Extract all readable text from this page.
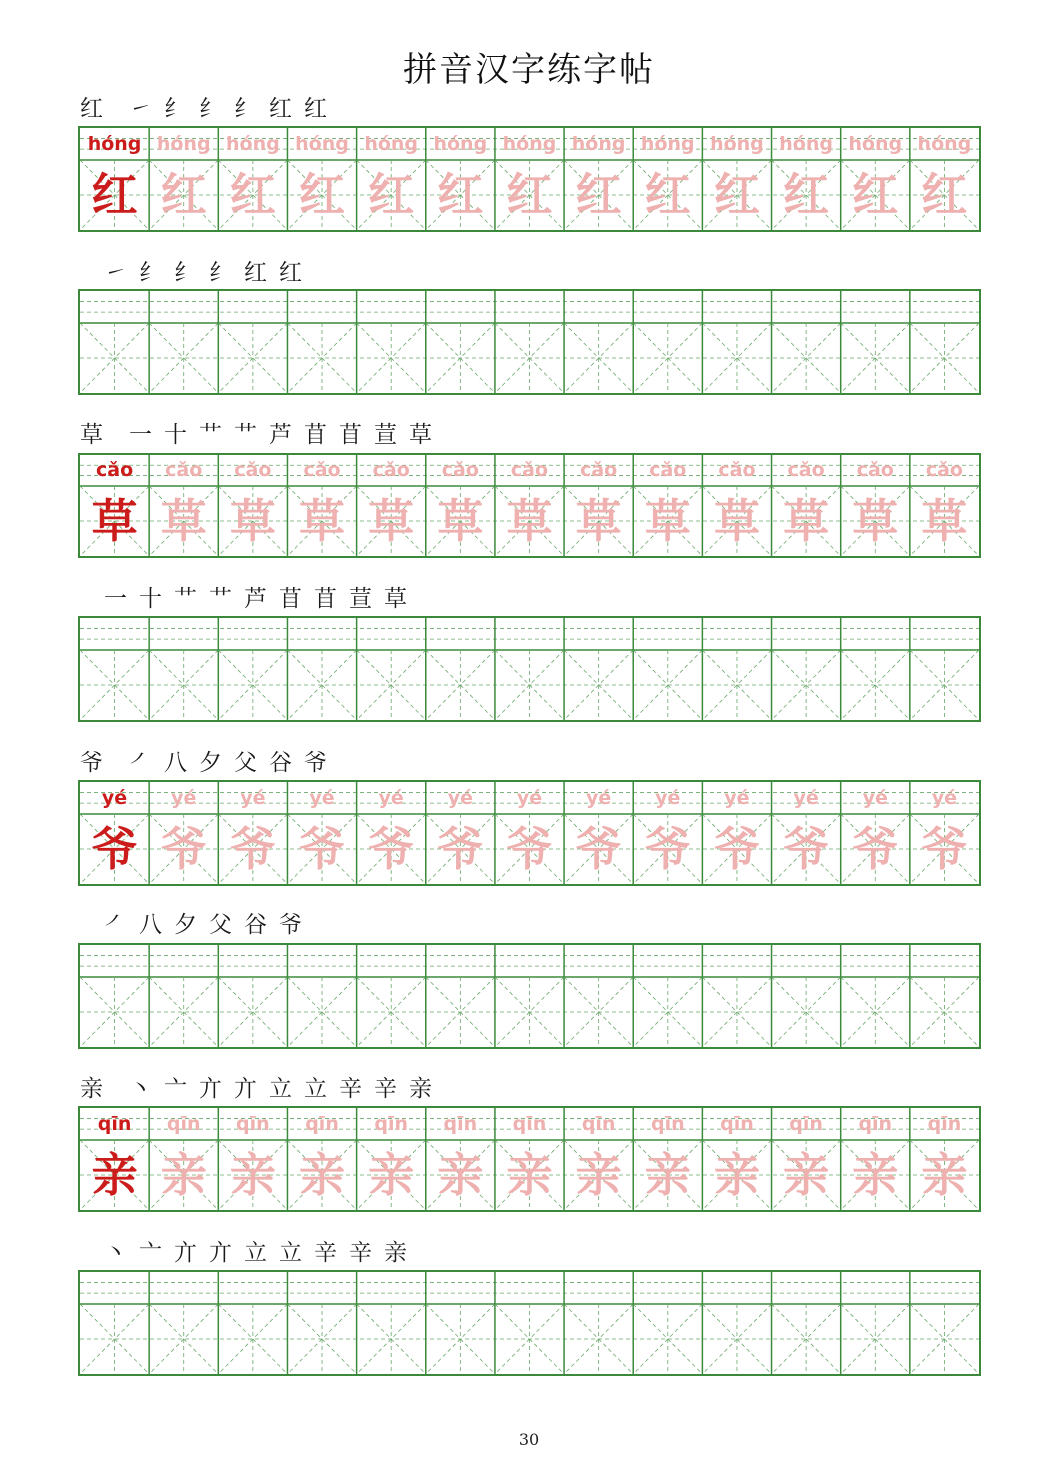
拼音汉字练字帖
红 ㇀ 纟 纟 纟 红 红
hóng
红
hóng
红
hóng
红
hóng
红
hóng
红
hóng
红
hóng
红
hóng
红
hóng
红
hóng
红
hóng
红
hóng
红
hóng
红
㇀ 纟 纟 纟 红 红
草 一 十 艹 艹 芦 苜 苜 荁 草
cǎo
草
cǎo
草
cǎo
草
cǎo
草
cǎo
草
cǎo
草
cǎo
草
cǎo
草
cǎo
草
cǎo
草
cǎo
草
cǎo
草
cǎo
草
一 十 艹 艹 芦 苜 苜 荁 草
爷 ㇒ 八 夕 父 谷 爷
yé
爷
yé
爷
yé
爷
yé
爷
yé
爷
yé
爷
yé
爷
yé
爷
yé
爷
yé
爷
yé
爷
yé
爷
yé
爷
㇒ 八 夕 父 谷 爷
亲 丶 亠 亣 亣 立 立 辛 辛 亲
qīn
亲
qīn
亲
qīn
亲
qīn
亲
qīn
亲
qīn
亲
qīn
亲
qīn
亲
qīn
亲
qīn
亲
qīn
亲
qīn
亲
qīn
亲
丶 亠 亣 亣 立 立 辛 辛 亲
30
